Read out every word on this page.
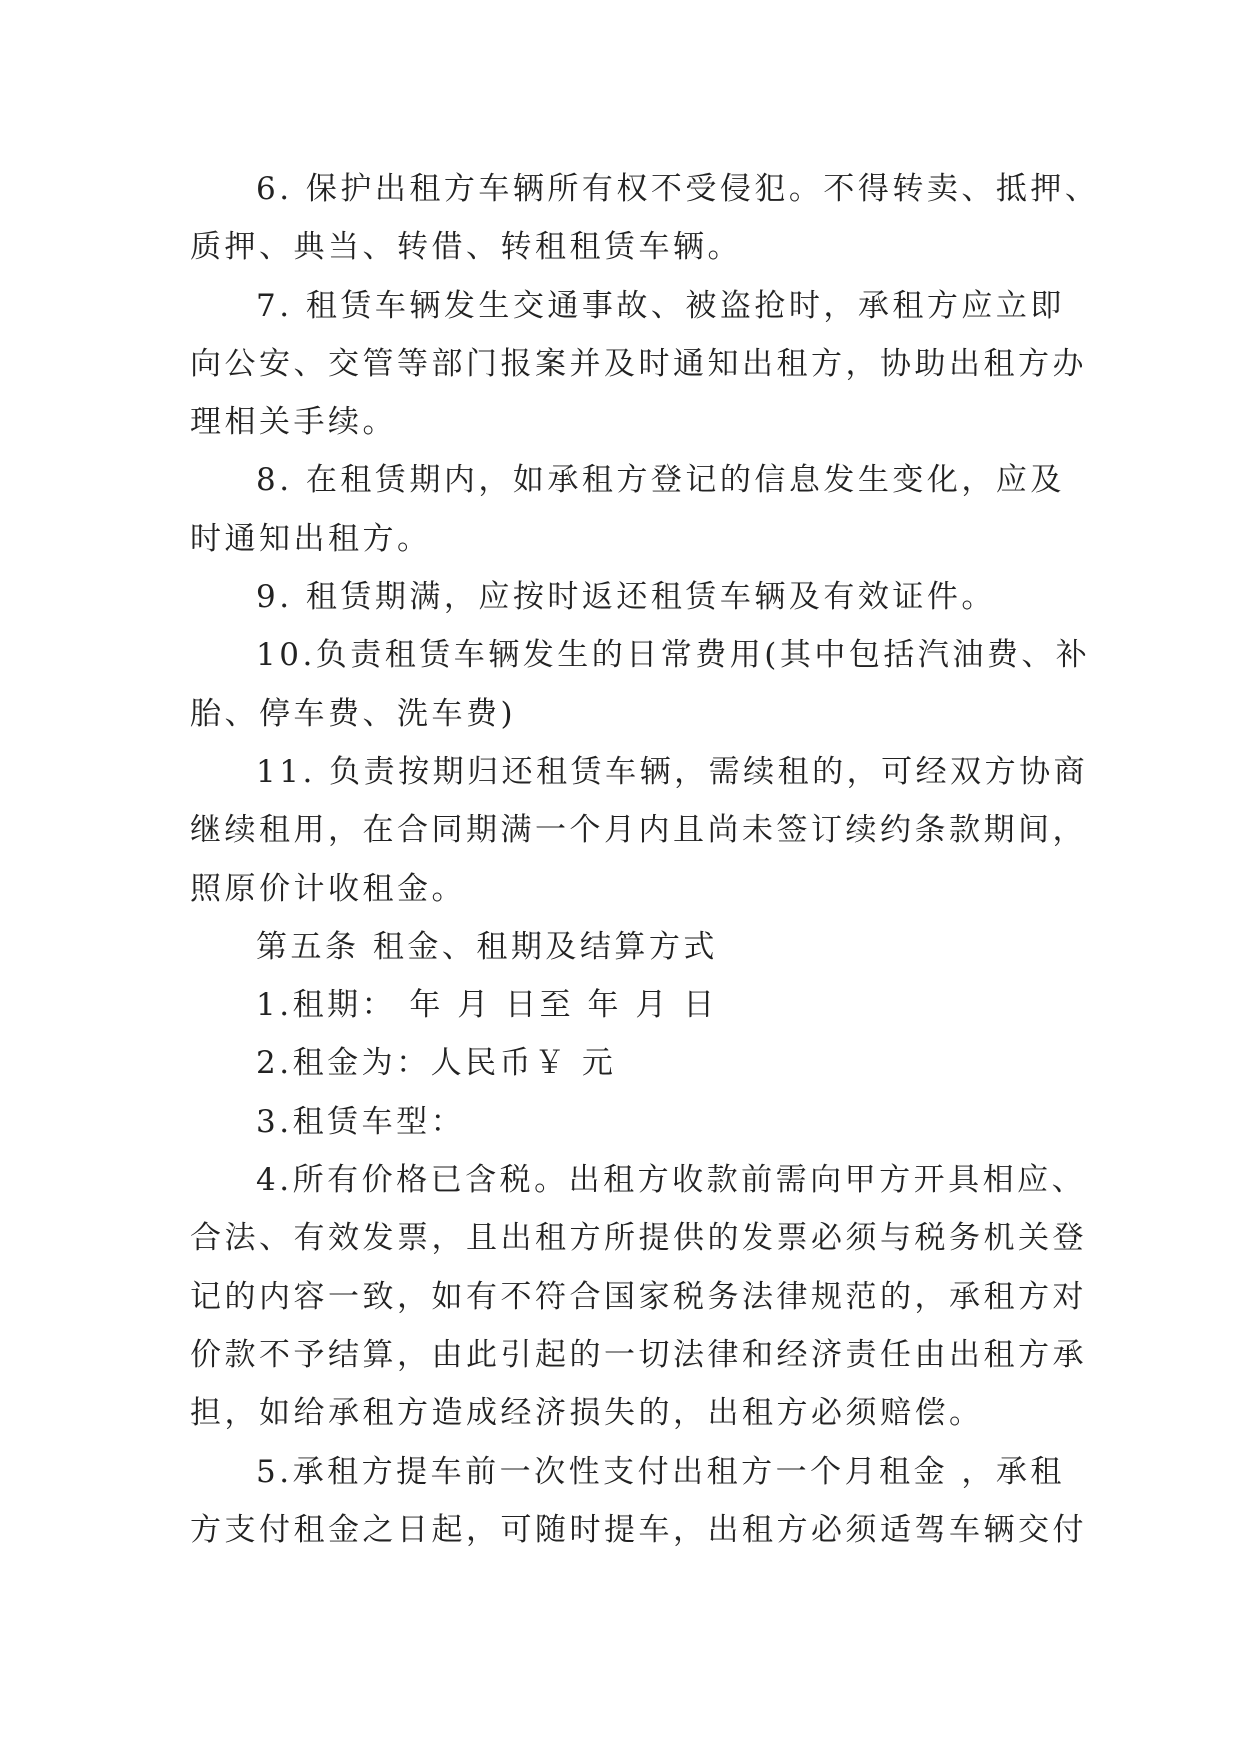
6. 保护出租方车辆所有权不受侵犯。不得转卖、抵押、
质押、典当、转借、转租租赁车辆。

7. 租赁车辆发生交通事故、被盗抢时，承租方应立即
向公安、交管等部门报案并及时通知出租方，协助出租方办
理相关手续。

8. 在租赁期内，如承租方登记的信息发生变化，应及
时通知出租方。

9. 租赁期满，应按时返还租赁车辆及有效证件。

10.负责租赁车辆发生的日常费用(其中包括汽油费、补
胎、停车费、洗车费)

11. 负责按期归还租赁车辆，需续租的，可经双方协商
继续租用，在合同期满一个月内且尚未签订续约条款期间，
照原价计收租金。

第五条 租金、租期及结算方式

1.租期： 年 月 日至 年 月 日

2.租金为：人民币￥ 元

3.租赁车型：

4.所有价格已含税。出租方收款前需向甲方开具相应、
合法、有效发票，且出租方所提供的发票必须与税务机关登
记的内容一致，如有不符合国家税务法律规范的，承租方对
价款不予结算，由此引起的一切法律和经济责任由出租方承
担，如给承租方造成经济损失的，出租方必须赔偿。

5.承租方提车前一次性支付出租方一个月租金 ，承租
方支付租金之日起，可随时提车，出租方必须适驾车辆交付
